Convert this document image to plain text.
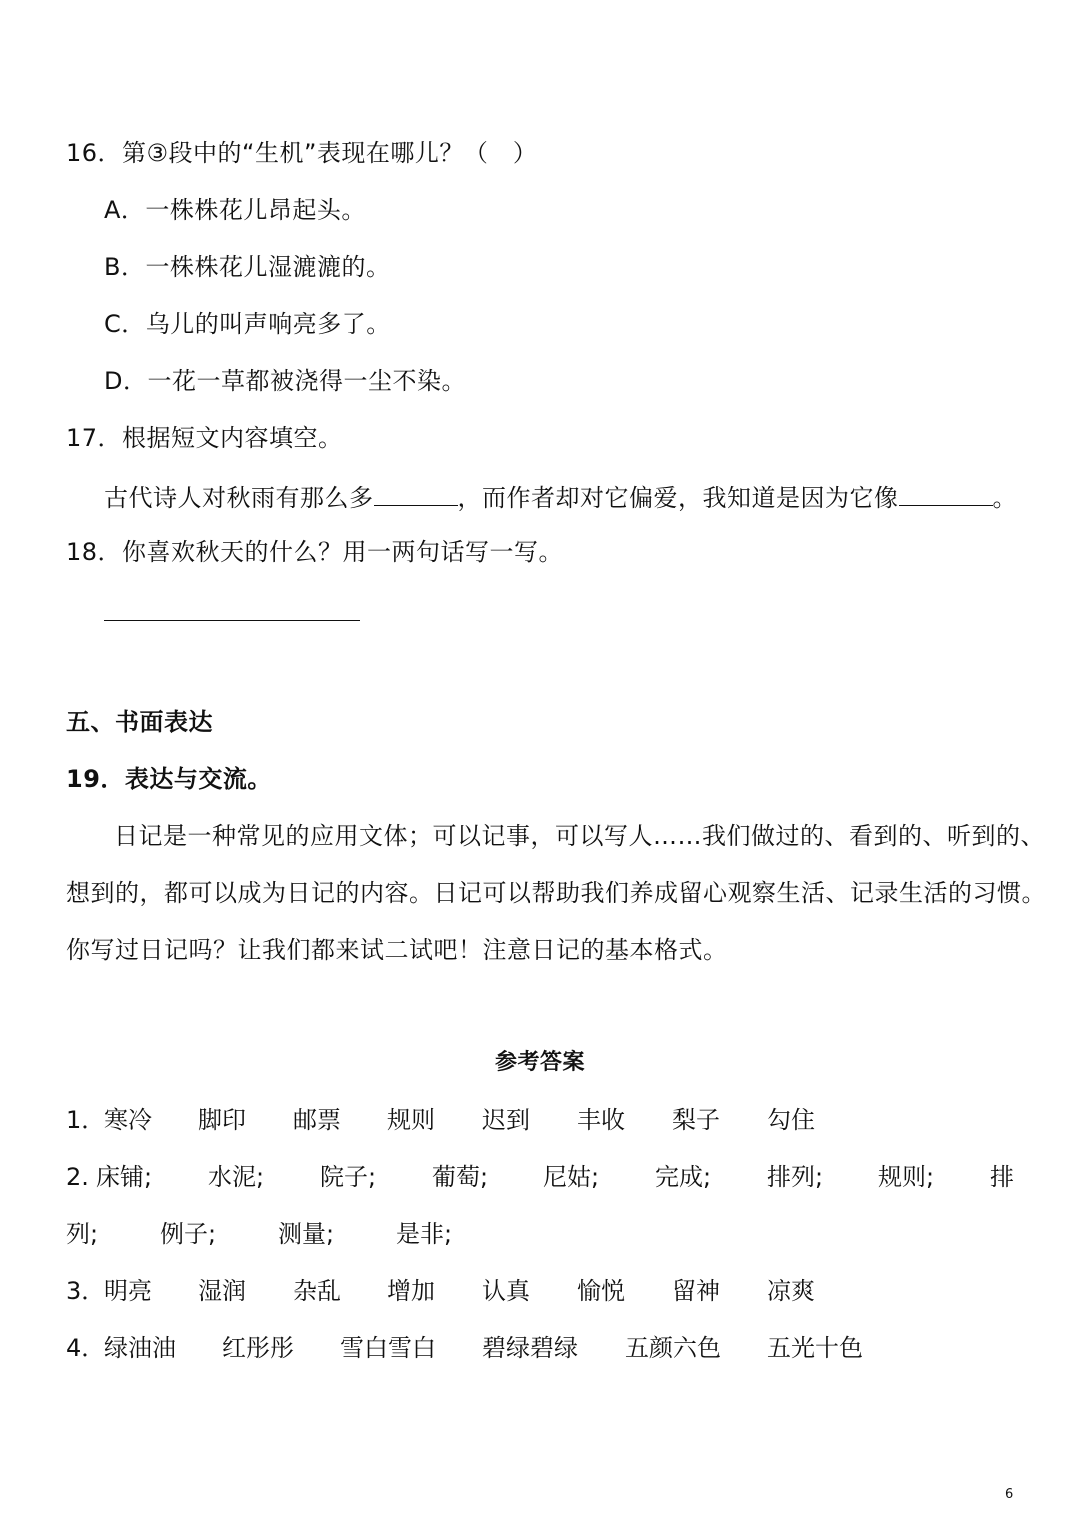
16．第③段中的“生机”表现在哪儿？（　）
A．一株株花儿昂起头。
B．一株株花儿湿漉漉的。
C．乌儿的叫声响亮多了。
D．一花一草都被浇得一尘不染。
17．根据短文内容填空。
古代诗人对秋雨有那么多	，而作者却对它偏爱，我知道是因为它像	。
18．你喜欢秋天的什么？用一两句话写一写。
五、书面表达
19．表达与交流。
日记是一种常见的应用文体；可以记事，可以写人……我们做过的、看到的、听到的、
想到的，都可以成为日记的内容。日记可以帮助我们养成留心观察生活、记录生活的习惯。
你写过日记吗？让我们都来试二试吧！注意日记的基本格式。
参考答案
1．
寒冷 脚印 邮票 规则 迟到 丰收 梨子 勾住
2. 床铺; 水泥; 院子; 葡萄; 尼姑; 完成; 排列; 规则; 排
列;	例子;	测量;	是非;
3．
明亮 湿润 杂乱 增加 认真 愉悦 留神 凉爽
4．
绿油油 红彤彤 雪白雪白 碧绿碧绿 五颜六色 五光十色
6
